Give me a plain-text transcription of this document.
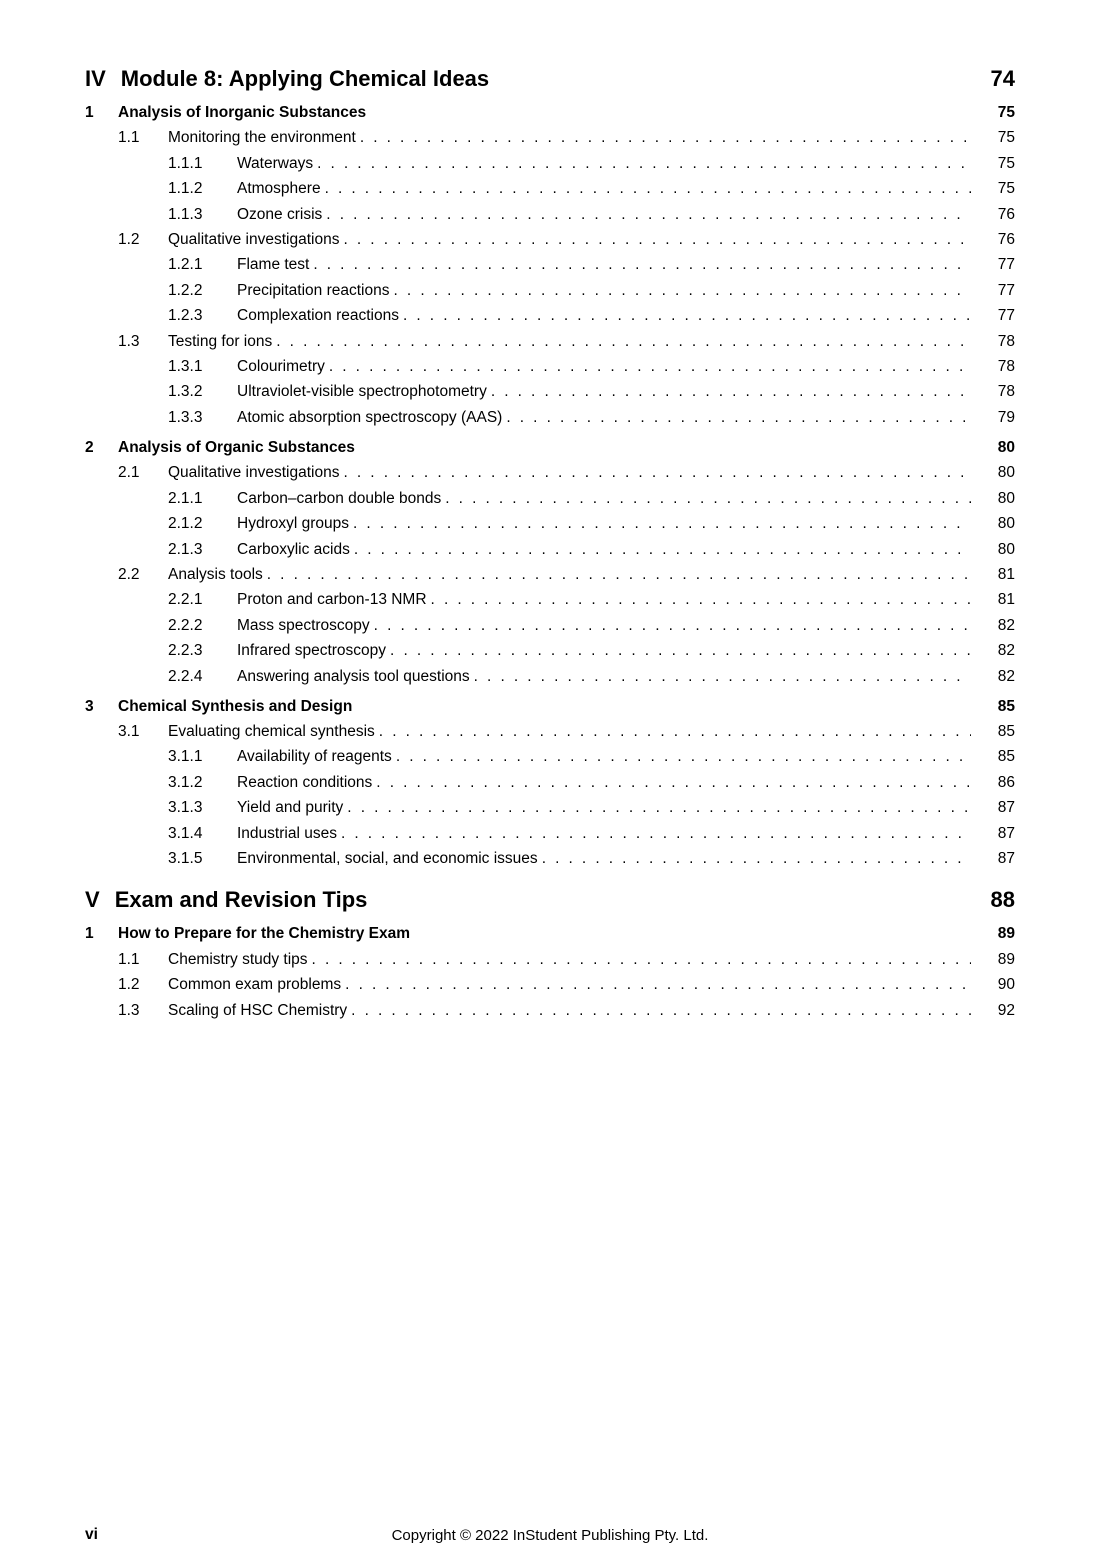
IV Module 8: Applying Chemical Ideas	74
1	Analysis of Inorganic Substances	75
1.1	Monitoring the environment .....	75
1.1.1	Waterways .....	75
1.1.2	Atmosphere .....	75
1.1.3	Ozone crisis .....	76
1.2	Qualitative investigations .....	76
1.2.1	Flame test .....	77
1.2.2	Precipitation reactions .....	77
1.2.3	Complexation reactions .....	77
1.3	Testing for ions .....	78
1.3.1	Colourimetry .....	78
1.3.2	Ultraviolet-visible spectrophotometry .....	78
1.3.3	Atomic absorption spectroscopy (AAS) .....	79
2	Analysis of Organic Substances	80
2.1	Qualitative investigations .....	80
2.1.1	Carbon–carbon double bonds .....	80
2.1.2	Hydroxyl groups .....	80
2.1.3	Carboxylic acids .....	80
2.2	Analysis tools .....	81
2.2.1	Proton and carbon-13 NMR .....	81
2.2.2	Mass spectroscopy .....	82
2.2.3	Infrared spectroscopy .....	82
2.2.4	Answering analysis tool questions .....	82
3	Chemical Synthesis and Design	85
3.1	Evaluating chemical synthesis .....	85
3.1.1	Availability of reagents .....	85
3.1.2	Reaction conditions .....	86
3.1.3	Yield and purity .....	87
3.1.4	Industrial uses .....	87
3.1.5	Environmental, social, and economic issues .....	87
V Exam and Revision Tips	88
1	How to Prepare for the Chemistry Exam	89
1.1	Chemistry study tips .....	89
1.2	Common exam problems .....	90
1.3	Scaling of HSC Chemistry .....	92
vi	Copyright © 2022 InStudent Publishing Pty. Ltd.
